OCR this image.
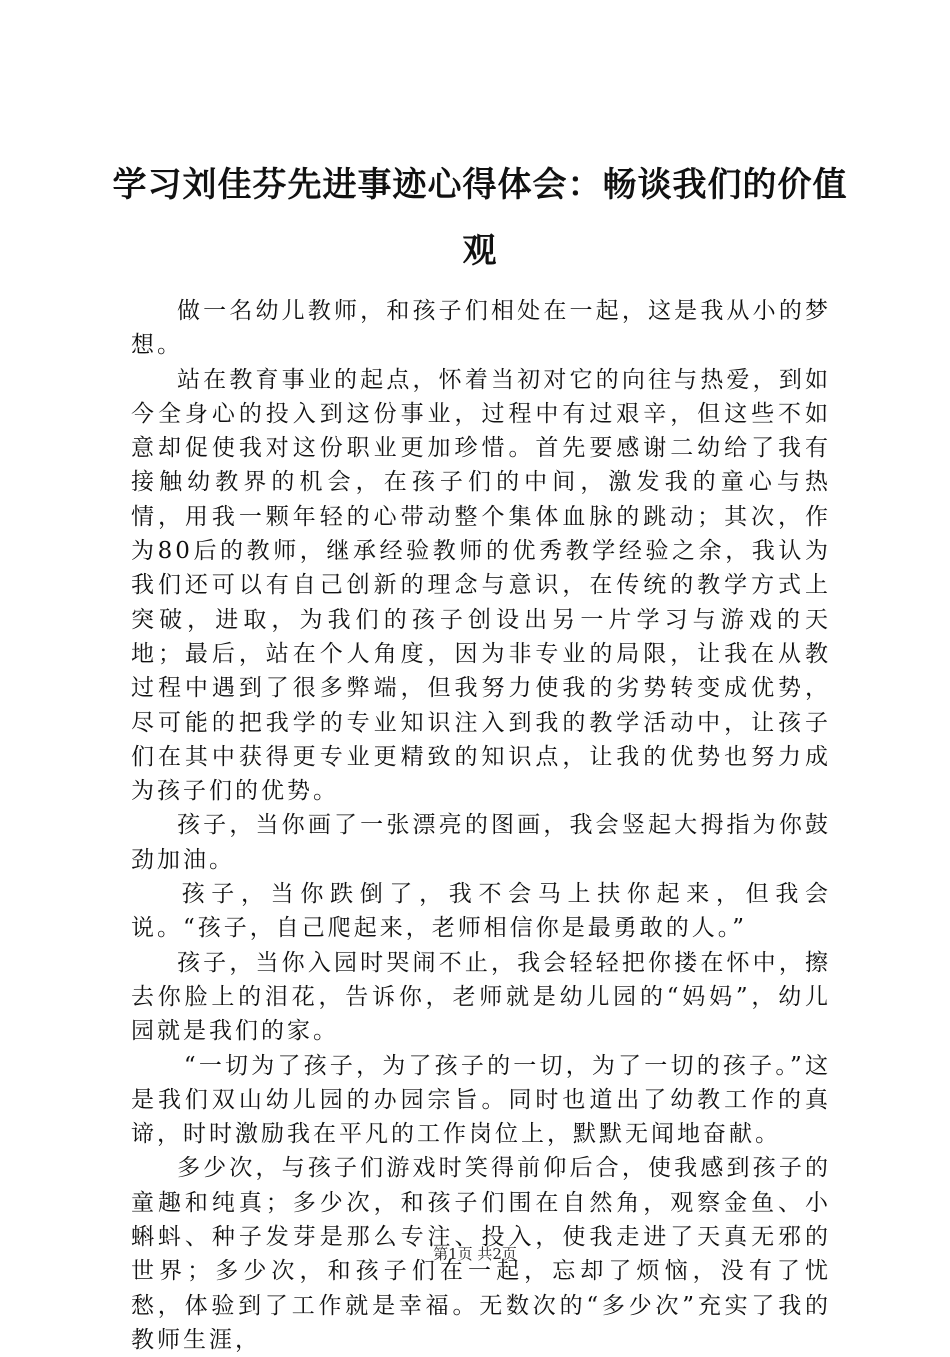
学习刘佳芬先进事迹心得体会：畅谈我们的价值观

做一名幼儿教师，和孩子们相处在一起，这是我从小的梦想。

站在教育事业的起点，怀着当初对它的向往与热爱，到如今全身心的投入到这份事业，过程中有过艰辛，但这些不如意却促使我对这份职业更加珍惜。首先要感谢二幼给了我有接触幼教界的机会，在孩子们的中间，激发我的童心与热情，用我一颗年轻的心带动整个集体血脉的跳动；其次，作为80后的教师，继承经验教师的优秀教学经验之余，我认为我们还可以有自己创新的理念与意识，在传统的教学方式上突破，进取，为我们的孩子创设出另一片学习与游戏的天地；最后，站在个人角度，因为非专业的局限，让我在从教过程中遇到了很多弊端，但我努力使我的劣势转变成优势，尽可能的把我学的专业知识注入到我的教学活动中，让孩子们在其中获得更专业更精致的知识点，让我的优势也努力成为孩子们的优势。

孩子，当你画了一张漂亮的图画，我会竖起大拇指为你鼓劲加油。

孩子，当你跌倒了，我不会马上扶你起来，但我会说。“孩子，自己爬起来，老师相信你是最勇敢的人。”

孩子，当你入园时哭闹不止，我会轻轻把你搂在怀中，擦去你脸上的泪花，告诉你，老师就是幼儿园的“妈妈”，幼儿园就是我们的家。

“一切为了孩子，为了孩子的一切，为了一切的孩子。”这是我们双山幼儿园的办园宗旨。同时也道出了幼教工作的真谛，时时激励我在平凡的工作岗位上，默默无闻地奋献。

多少次，与孩子们游戏时笑得前仰后合，使我感到孩子的童趣和纯真；多少次，和孩子们围在自然角，观察金鱼、小蝌蚪、种子发芽是那么专注、投入，使我走进了天真无邪的世界；多少次，和孩子们在一起，忘却了烦恼，没有了忧愁，体验到了工作就是幸福。无数次的“多少次”充实了我的教师生涯，

第1页 共2页
